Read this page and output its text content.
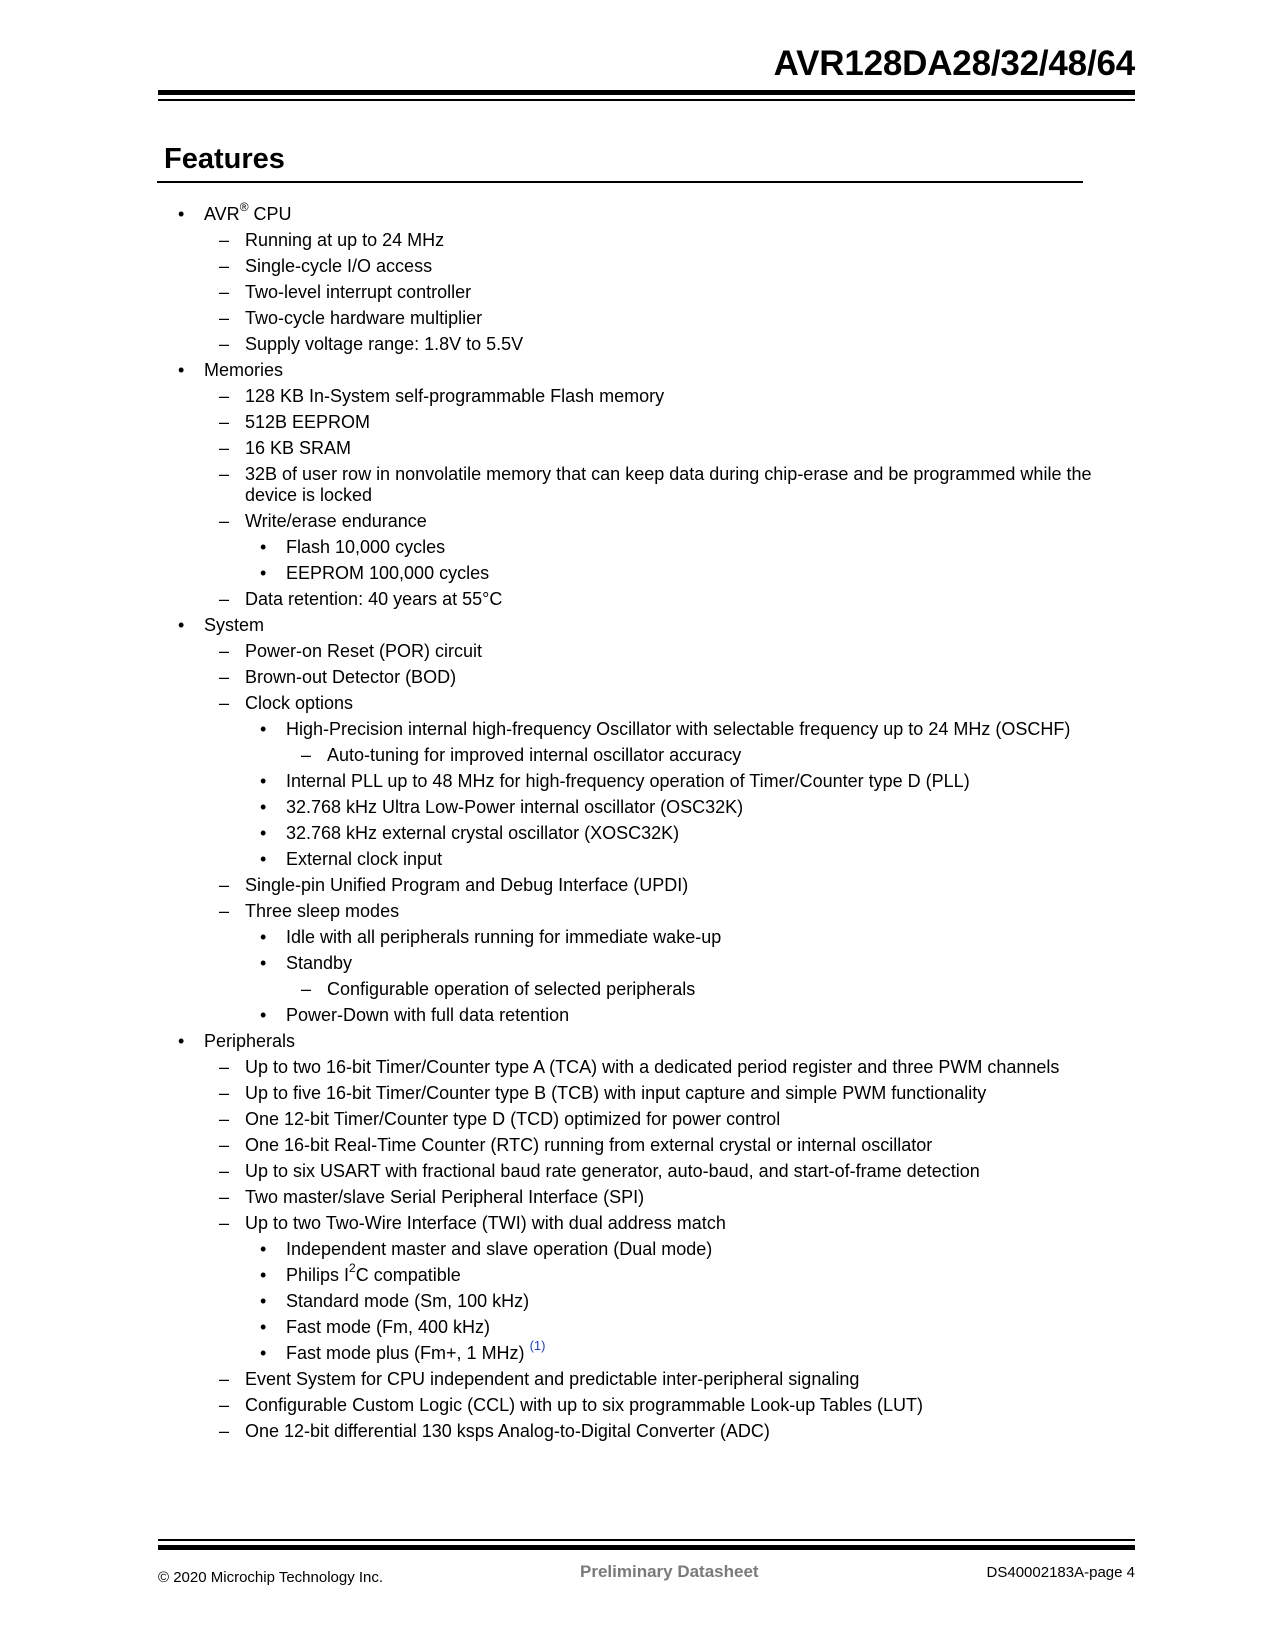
AVR128DA28/32/48/64
Features
• AVR® CPU
– Running at up to 24 MHz
– Single-cycle I/O access
– Two-level interrupt controller
– Two-cycle hardware multiplier
– Supply voltage range: 1.8V to 5.5V
• Memories
– 128 KB In-System self-programmable Flash memory
– 512B EEPROM
– 16 KB SRAM
– 32B of user row in nonvolatile memory that can keep data during chip-erase and be programmed while the device is locked
– Write/erase endurance
• Flash 10,000 cycles
• EEPROM 100,000 cycles
– Data retention: 40 years at 55°C
• System
– Power-on Reset (POR) circuit
– Brown-out Detector (BOD)
– Clock options
• High-Precision internal high-frequency Oscillator with selectable frequency up to 24 MHz (OSCHF)
– Auto-tuning for improved internal oscillator accuracy
• Internal PLL up to 48 MHz for high-frequency operation of Timer/Counter type D (PLL)
• 32.768 kHz Ultra Low-Power internal oscillator (OSC32K)
• 32.768 kHz external crystal oscillator (XOSC32K)
• External clock input
– Single-pin Unified Program and Debug Interface (UPDI)
– Three sleep modes
• Idle with all peripherals running for immediate wake-up
• Standby
– Configurable operation of selected peripherals
• Power-Down with full data retention
• Peripherals
– Up to two 16-bit Timer/Counter type A (TCA) with a dedicated period register and three PWM channels
– Up to five 16-bit Timer/Counter type B (TCB) with input capture and simple PWM functionality
– One 12-bit Timer/Counter type D (TCD) optimized for power control
– One 16-bit Real-Time Counter (RTC) running from external crystal or internal oscillator
– Up to six USART with fractional baud rate generator, auto-baud, and start-of-frame detection
– Two master/slave Serial Peripheral Interface (SPI)
– Up to two Two-Wire Interface (TWI) with dual address match
• Independent master and slave operation (Dual mode)
• Philips $I^2C$ compatible
• Standard mode (Sm, 100 kHz)
• Fast mode (Fm, 400 kHz)
• Fast mode plus (Fm+, 1 MHz) $^{(1)}$
– Event System for CPU independent and predictable inter-peripheral signaling
– Configurable Custom Logic (CCL) with up to six programmable Look-up Tables (LUT)
– One 12-bit differential 130 ksps Analog-to-Digital Converter (ADC)
© 2020 Microchip Technology Inc.	Preliminary Datasheet	DS40002183A-page 4
